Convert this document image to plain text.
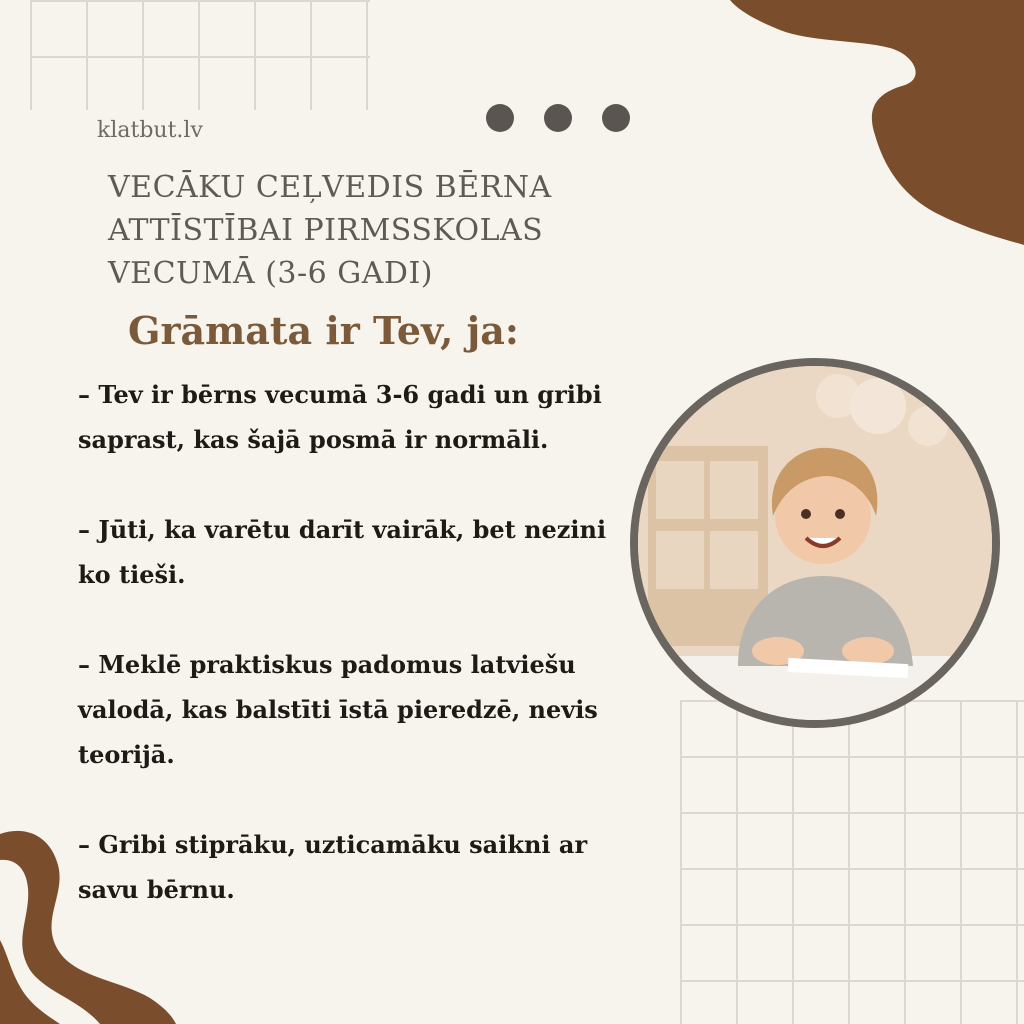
klatbut.lv
VECĀKU CEĻVEDIS BĒRNA
ATTĪSTĪBAI PIRMSSKOLAS
VECUMĀ (3-6 GADI)
Grāmata ir Tev, ja:

– Tev ir bērns vecumā 3-6 gadi un gribi saprast, kas šajā posmā ir normāli.

– Jūti, ka varētu darīt vairāk, bet nezini ko tieši.

– Meklē praktiskus padomus latviešu valodā, kas balstīti īstā pieredzē, nevis teorijā.

– Gribi stiprāku, uzticamāku saikni ar savu bērnu.
